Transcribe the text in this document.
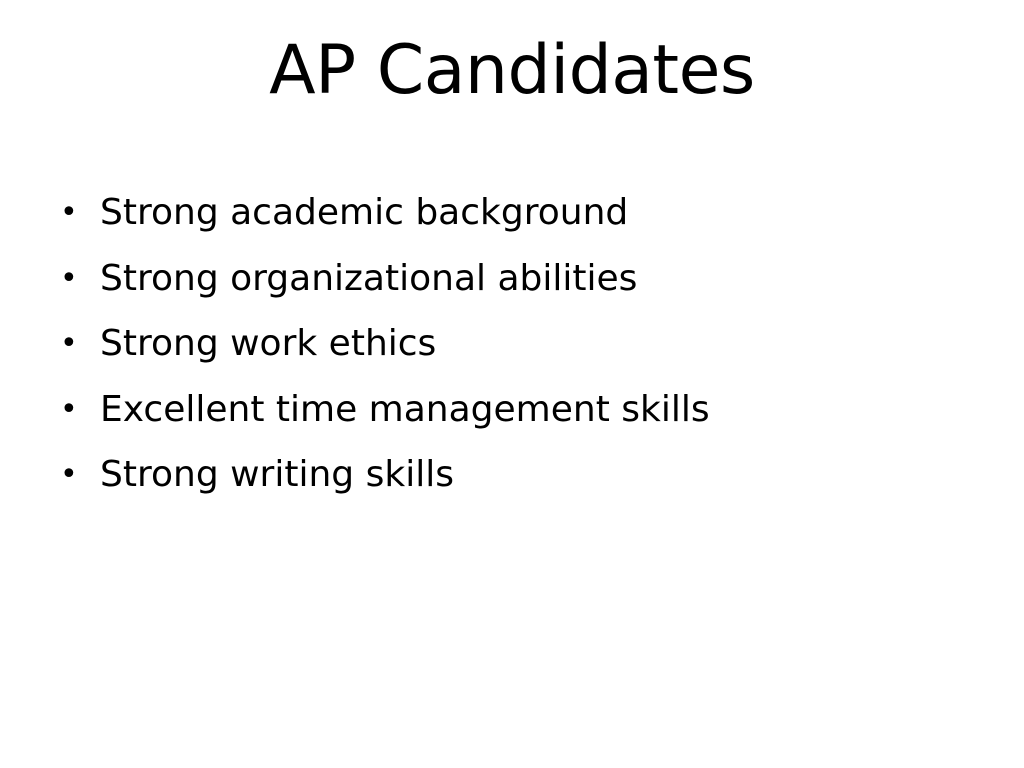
AP Candidates
• Strong academic background
• Strong organizational abilities
• Strong work ethics
• Excellent time management skills
• Strong writing skills
